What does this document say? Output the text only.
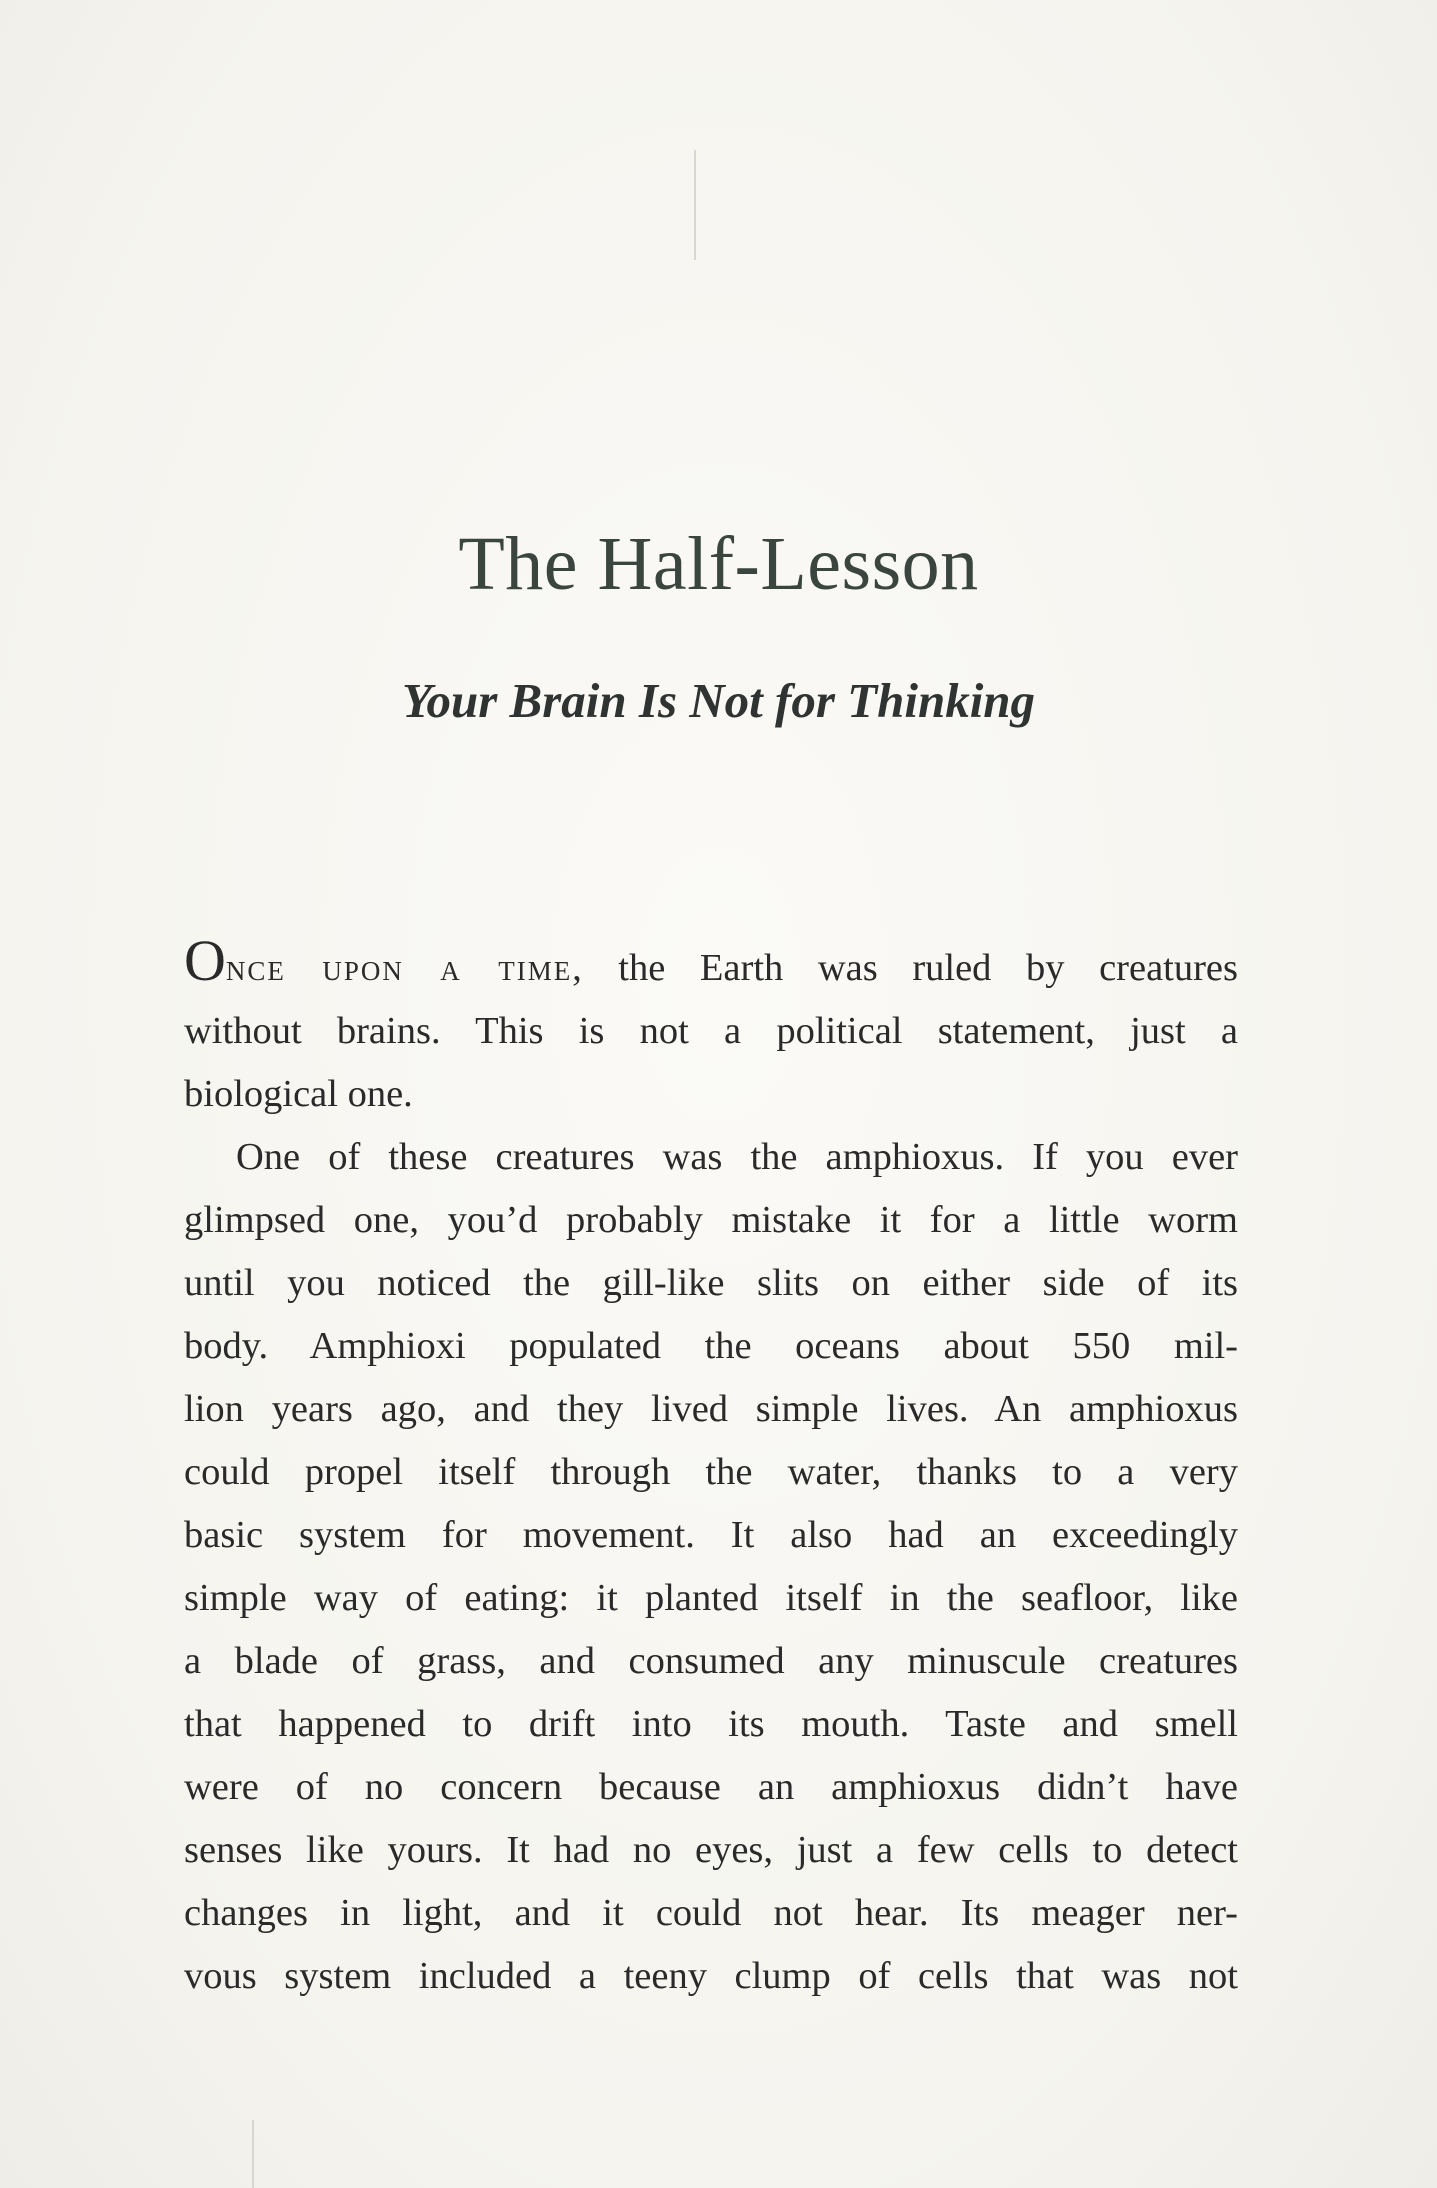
The Half-Lesson
Your Brain Is Not for Thinking
Once upon a time, the Earth was ruled by creatures
without brains. This is not a political statement, just a
biological one.
One of these creatures was the amphioxus. If you ever
glimpsed one, you’d probably mistake it for a little worm
until you noticed the gill-like slits on either side of its
body. Amphioxi populated the oceans about 550 mil-
lion years ago, and they lived simple lives. An amphioxus
could propel itself through the water, thanks to a very
basic system for movement. It also had an exceedingly
simple way of eating: it planted itself in the seafloor, like
a blade of grass, and consumed any minuscule creatures
that happened to drift into its mouth. Taste and smell
were of no concern because an amphioxus didn’t have
senses like yours. It had no eyes, just a few cells to detect
changes in light, and it could not hear. Its meager ner-
vous system included a teeny clump of cells that was not
